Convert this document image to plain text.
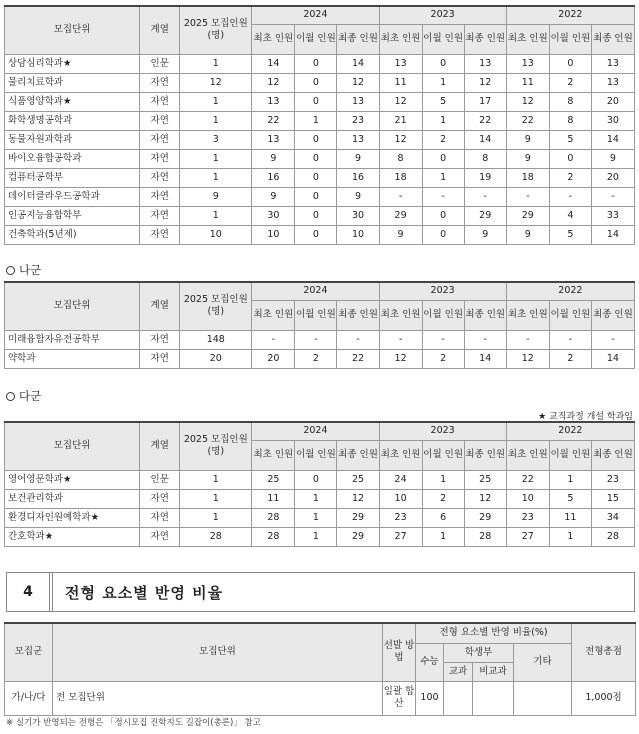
모집단위	계열	2025 모집인원 (명)	2024			2023			2022		
			최초 인원	이월 인원	최종 인원	최초 인원	이월 인원	최종 인원	최초 인원	이월 인원	최종 인원
상담심리학과★	인문	1	14	0	14	13	0	13	13	0	13
물리치료학과	자연	12	12	0	12	11	1	12	11	2	13
식품영양학과★	자연	1	13	0	13	12	5	17	12	8	20
화학생명공학과	자연	1	22	1	23	21	1	22	22	8	30
동물자원과학과	자연	3	13	0	13	12	2	14	9	5	14
바이오융합공학과	자연	1	9	0	9	8	0	8	9	0	9
컴퓨터공학부	자연	1	16	0	16	18	1	19	18	2	20
데이터클라우드공학과	자연	9	9	0	9	-	-	-	-	-	-
인공지능융합학부	자연	1	30	0	30	29	0	29	29	4	33
건축학과(5년제)	자연	10	10	0	10	9	0	9	9	5	14
나군
모집단위	계열	2025 모집인원 (명)	2024			2023			2022		
			최초 인원	이월 인원	최종 인원	최초 인원	이월 인원	최종 인원	최초 인원	이월 인원	최종 인원
미래융합자유전공학부	자연	148	-	-	-	-	-	-	-	-	-
약학과	자연	20	20	2	22	12	2	14	12	2	14
다군
★ 교직과정 개설 학과임
모집단위	계열	2025 모집인원 (명)	2024			2023			2022		
			최초 인원	이월 인원	최종 인원	최초 인원	이월 인원	최종 인원	최초 인원	이월 인원	최종 인원
영어영문학과★	인문	1	25	0	25	24	1	25	22	1	23
보건관리학과	자연	1	11	1	12	10	2	12	10	5	15
환경디자인원예학과★	자연	1	28	1	29	23	6	29	23	11	34
간호학과★	자연	28	28	1	29	27	1	28	27	1	28
4	전형 요소별 반영 비율
모집군	모집단위	선발 방법	전형 요소별 반영 비율(%)				전형총점
			수능	학생부		기타	
				교과	비교과		
가/나/다	전 모집단위	일괄 합산	100				1,000점
※ 실기가 반영되는 전형은 「정시모집 진학지도 길잡이(총론)」 참고
